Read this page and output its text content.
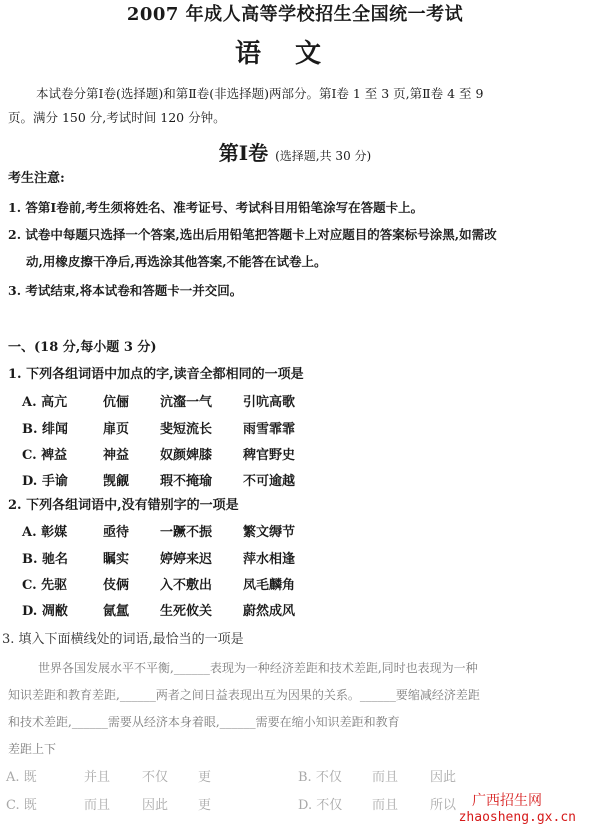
2007 年成人高等学校招生全国统一考试
语文
本试卷分第Ⅰ卷(选择题)和第Ⅱ卷(非选择题)两部分。第Ⅰ卷 1 至 3 页,第Ⅱ卷 4 至 9
页。满分 150 分,考试时间 120 分钟。
第Ⅰ卷 (选择题,共 30 分)
考生注意:
1. 答第Ⅰ卷前,考生须将姓名、准考证号、考试科目用铅笔涂写在答题卡上。
2. 试卷中每题只选择一个答案,选出后用铅笔把答题卡上对应题目的答案标号涂黑,如需改
动,用橡皮擦干净后,再选涂其他答案,不能答在试卷上。
3. 考试结束,将本试卷和答题卡一并交回。
一、(18 分,每小题 3 分)
1. 下列各组词语中加点的字,读音全都相同的一项是
A. 高亢	伉俪 沆瀣一气 引吭高歌
B. 绯闻	扉页 斐短流长 雨雪霏霏
C. 裨益	神益 奴颜婢膝 稗官野史
D. 手谕	觊觎 瑕不掩瑜 不可逾越
2. 下列各组词语中,没有错别字的一项是
A. 彰媒	亟待 一蹶不振 繁文缛节
B. 驰名	瞩实 婷婷来迟 萍水相逢
C. 先驱	伎俩 入不敷出 凤毛麟角
D. 凋敝	氤氲 生死攸关 蔚然成风
3. 填入下面横线处的词语,最恰当的一项是
世界各国发展水平不平衡,______表现为一种经济差距和技术差距,同时也表现为一种
知识差距和教育差距,______两者之间日益表现出互为因果的关系。______要缩减经济差距
和技术差距,______需要从经济本身着眼,______需要在缩小知识差距和教育
差距上下
A. 既	并且 不仅 更	B. 不仅 而且 因此
C. 既	而且 因此 更	D. 不仅 而且 所以 广西招生网
zhaosheng.gx.cn
